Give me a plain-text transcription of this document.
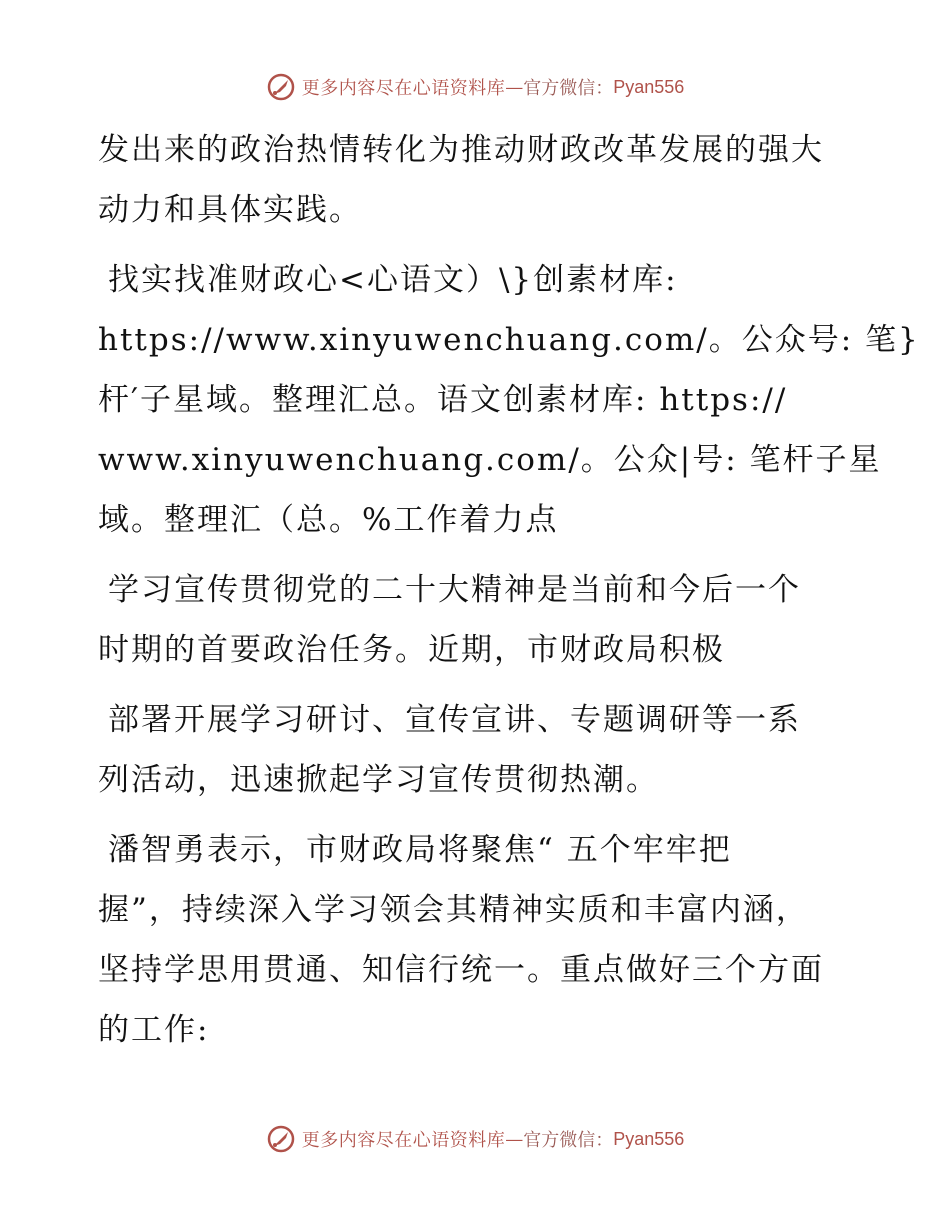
更多内容尽在心语资料库 — 官方微信： Pyan556

发出来的政治热情转化为推动财政改革发展的强大
动力和具体实践。

找实找准财政心<心语文）\}创素材库:
https://www.xinyuwenchuang.com/。公众号: 笔}
杆′子星域。整理汇总。语文创素材库: https://
www.xinyuwenchuang.com/。公众|号: 笔杆子星
域。整理汇（总。%工作着力点

学习宣传贯彻党的二十大精神是当前和今后一个
时期的首要政治任务。近期，市财政局积极

部署开展学习研讨、宣传宣讲、专题调研等一系
列活动，迅速掀起学习宣传贯彻热潮。

潘智勇表示，市财政局将聚焦“ 五个牢牢把
握”，持续深入学习领会其精神实质和丰富内涵，
坚持学思用贯通、知信行统一。重点做好三个方面
的工作:

更多内容尽在心语资料库 — 官方微信： Pyan556
